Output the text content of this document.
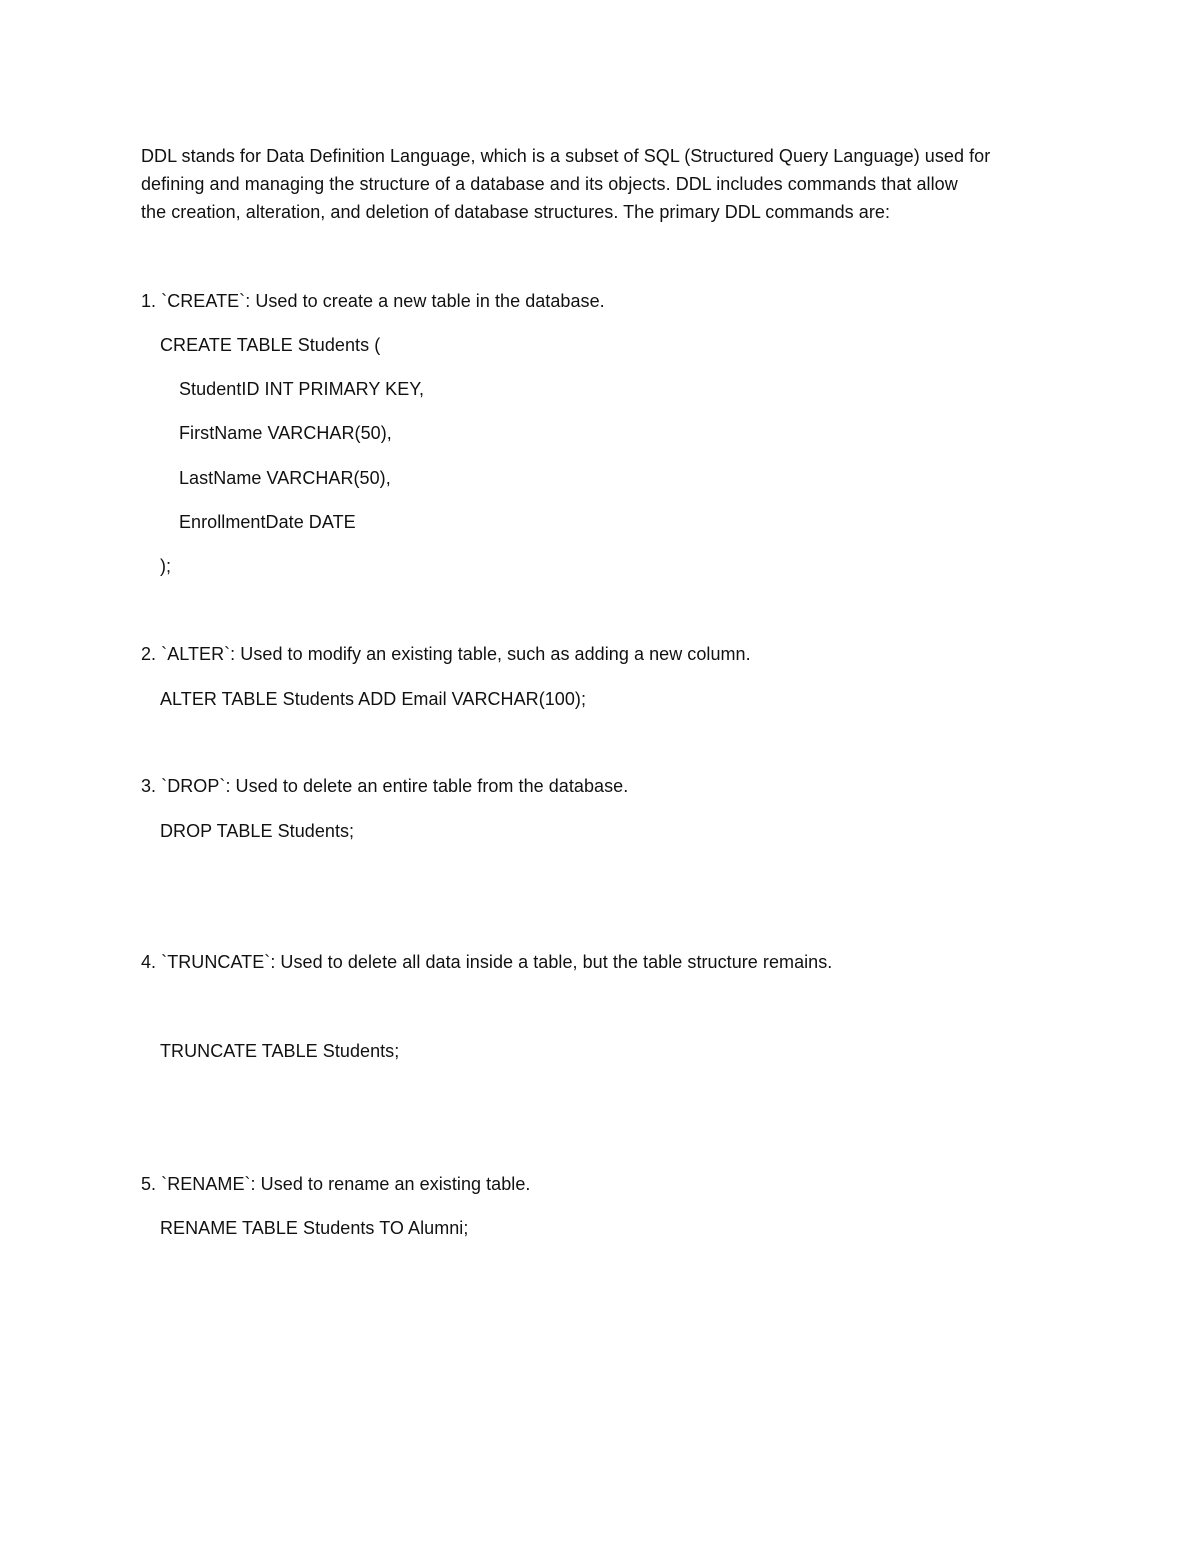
DDL stands for Data Definition Language, which is a subset of SQL (Structured Query Language) used for
defining and managing the structure of a database and its objects. DDL includes commands that allow
the creation, alteration, and deletion of database structures. The primary DDL commands are:

1. `CREATE`: Used to create a new table in the database.

CREATE TABLE Students (

StudentID INT PRIMARY KEY,

FirstName VARCHAR(50),

LastName VARCHAR(50),

EnrollmentDate DATE

);

2. `ALTER`: Used to modify an existing table, such as adding a new column.

ALTER TABLE Students ADD Email VARCHAR(100);

3. `DROP`: Used to delete an entire table from the database.

DROP TABLE Students;

4. `TRUNCATE`: Used to delete all data inside a table, but the table structure remains.

TRUNCATE TABLE Students;

5. `RENAME`: Used to rename an existing table.

RENAME TABLE Students TO Alumni;
